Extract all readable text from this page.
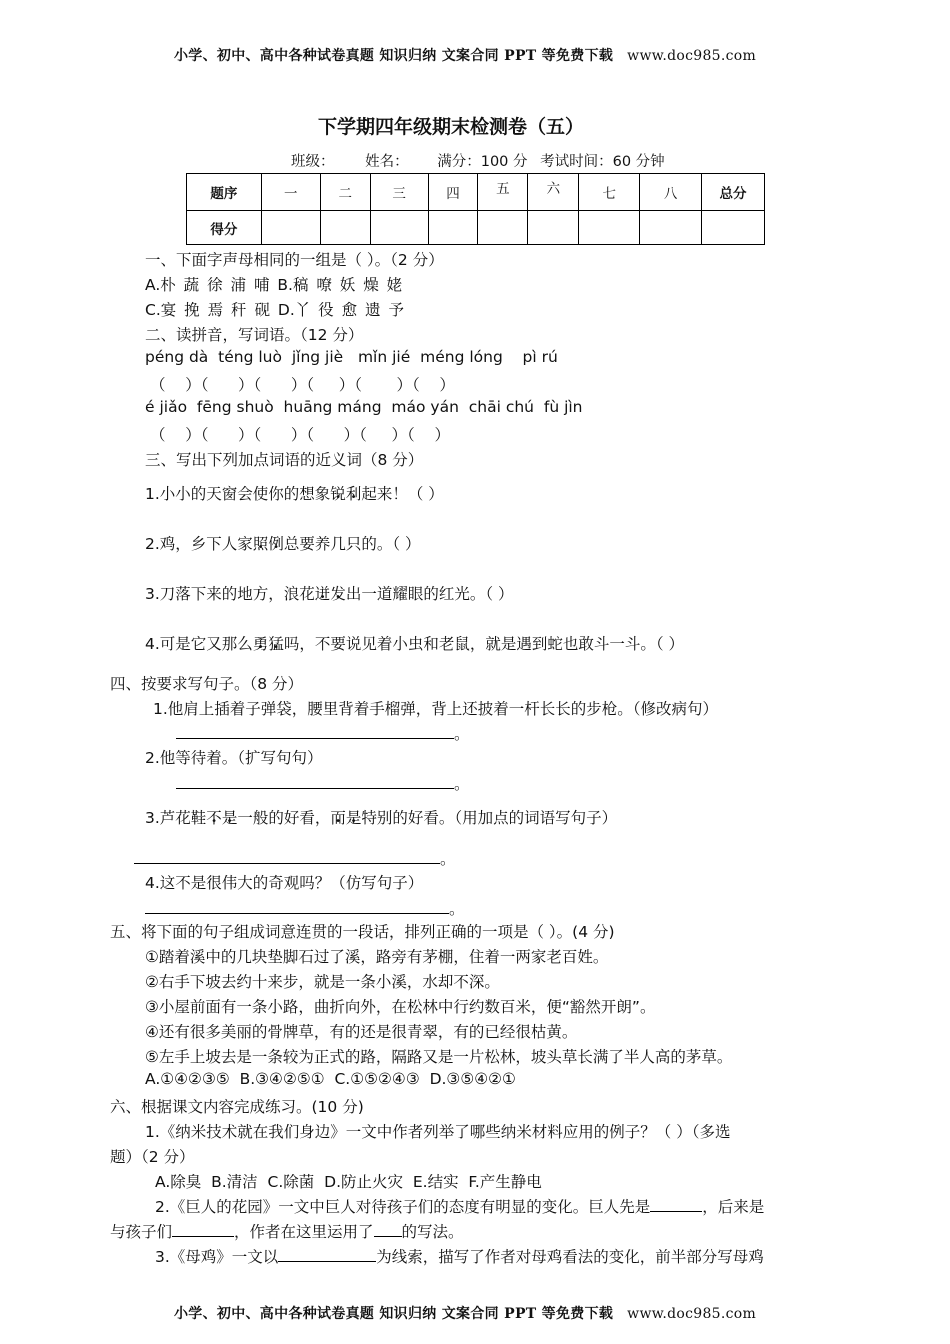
小学、初中、高中各种试卷真题 知识归纳 文案合同 PPT 等免费下载 www.doc985.com
下学期四年级期末检测卷（五）
班级： 姓名： 满分：100 分 考试时间：60 分钟
题序	一	二	三	四	五	六	七	八	总分
得分									
一、下面字声母相同的一组是（ ）。（2 分）
A.朴 蔬 徐 浦 哺 B.稿 嘹 妖 燥 姥
C.宴 挽 焉 秆 砚 D.丫 役 愈 遗 予
二、读拼音，写词语。（12 分）
péng dà  téng luò  jǐng jiè   mǐn jié  méng lóng    pì rú
（    ）（      ）（      ）（     ）（       ）（    ）
é jiǎo  fēng shuò  huāng máng  máo yán  chāi chú  fù jìn
（    ）（      ）（      ）（      ）（     ）（    ）
三、写出下列加点词语的近义词（8 分）
1.小小的天窗会使你的想象锐 •利 •起来！（ ）
2.鸡，乡下人家照 •例 •总要养几只的。（ ）
3.刀落下来的地方，浪花迸 •发 •出一道耀眼的红光。（ ）
4.可是它又那么勇 •猛 •吗，不要说见着小虫和老鼠，就是遇到蛇也敢斗一斗。（ ）
四、按要求写句子。（8 分）
1.他肩上插着子弹袋，腰里背着手榴弹，背上还披着一杆长长的步枪。（修改病句）
。
2.他等待着。（扩写句句）
。
3.芦花鞋不 •是 •一般的好看，而 •是 •特别的好看。（用加点的词语写句子）
。
4.这不是很伟大的奇观吗？（仿写句子）
。
五、将下面的句子组成词意连贯的一段话，排列正确的一项是（ ）。(4 分)
①踏着溪中的几块垫脚石过了溪，路旁有茅棚，住着一两家老百姓。
②右手下坡去约十来步，就是一条小溪，水却不深。
③小屋前面有一条小路，曲折向外，在松林中行约数百米，便“豁然开朗”。
④还有很多美丽的骨牌草，有的还是很青翠，有的已经很枯黄。
⑤左手上坡去是一条较为正式的路，隔路又是一片松林，坡头草长满了半人高的茅草。
A.①④②③⑤  B.③④②⑤①  C.①⑤②④③  D.③⑤④②①
六、根据课文内容完成练习。(10 分)
1.《纳米技术就在我们身边》一文中作者列举了哪些纳米材料应用的例子？（ ）（多选
题）（2 分）
A.除臭  B.清洁  C.除菌  D.防止火灾  E.结实  F.产生静电
2.《巨人的花园》一文中巨人对待孩子们的态度有明显的变化。巨人先是	，后来是
与孩子们	，作者在这里运用了 的写法。
3.《母鸡》一文以	为线索，描写了作者对母鸡看法的变化，前半部分写母鸡
小学、初中、高中各种试卷真题 知识归纳 文案合同 PPT 等免费下载 www.doc985.com
